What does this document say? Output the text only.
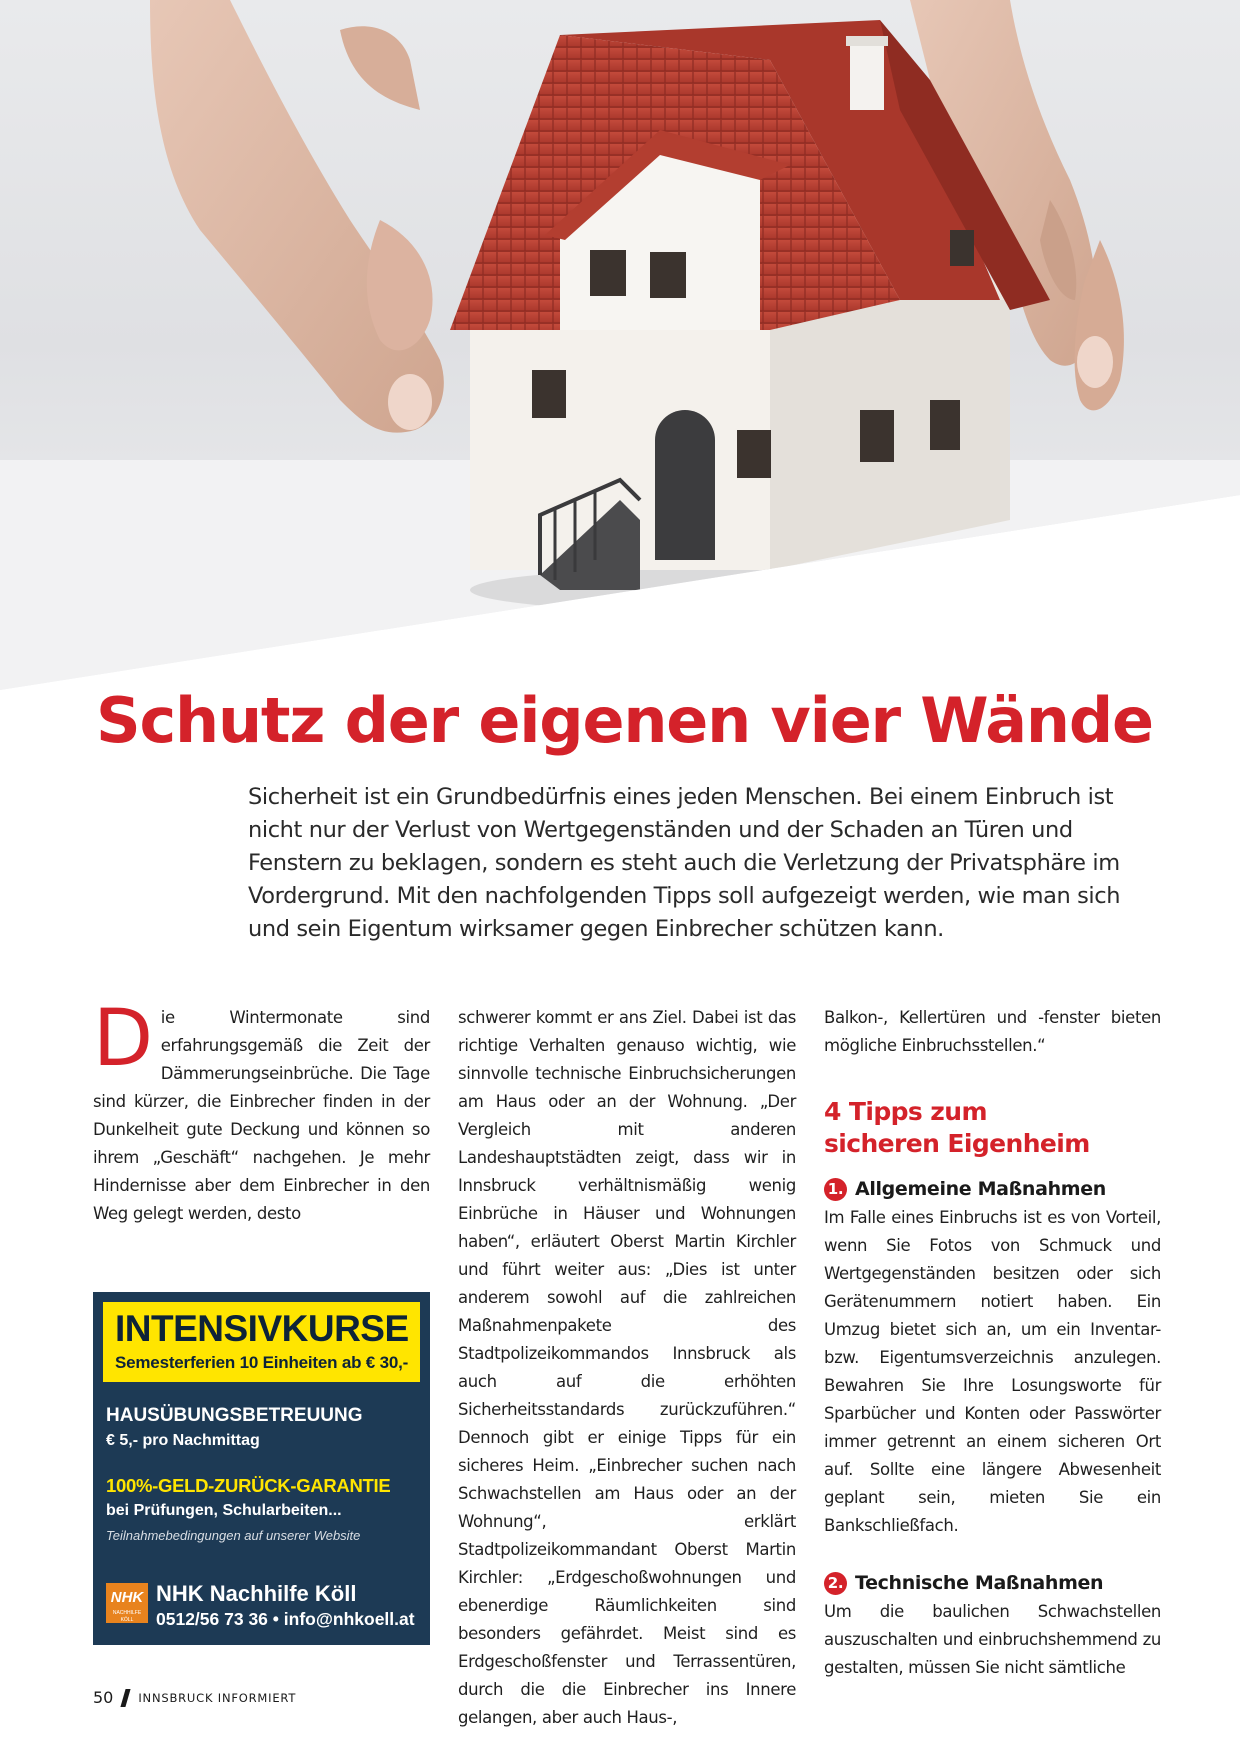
Schutz der eigenen vier Wände

Sicherheit ist ein Grundbedürfnis eines jeden Menschen. Bei einem Einbruch ist nicht nur der Verlust von Wertgegenständen und der Schaden an Türen und Fenstern zu beklagen, sondern es steht auch die Verletzung der Privatsphäre im Vordergrund. Mit den nachfolgenden Tipps soll aufgezeigt werden, wie man sich und sein Eigentum wirksamer gegen Einbrecher schützen kann.

Die Wintermonate sind erfahrungsgemäß die Zeit der Dämmerungseinbrüche. Die Tage sind kürzer, die Einbrecher finden in der Dunkelheit gute Deckung und können so ihrem „Geschäft“ nachgehen. Je mehr Hindernisse aber dem Einbrecher in den Weg gelegt werden, desto

INTENSIVKURSE

Semesterferien 10 Einheiten ab € 30,-

HAUSÜBUNGSBETREUUNG

€ 5,- pro Nachmittag

100%-GELD-ZURÜCK-GARANTIE

bei Prüfungen, Schularbeiten...

Teilnahmebedingungen auf unserer Website

NHK
NACHHILFE KÖLL

NHK Nachhilfe Köll

0512/56 73 36 • info@nhkoell.at

schwerer kommt er ans Ziel. Dabei ist das richtige Verhalten genauso wichtig, wie sinnvolle technische Einbruchsicherungen am Haus oder an der Wohnung. „Der Vergleich mit anderen Landeshauptstädten zeigt, dass wir in Innsbruck verhältnismäßig wenig Einbrüche in Häuser und Wohnungen haben“, erläutert Oberst Martin Kirchler und führt weiter aus: „Dies ist unter anderem sowohl auf die zahlreichen Maßnahmenpakete des Stadtpolizeikommandos Innsbruck als auch auf die erhöhten Sicherheitsstandards zurückzuführen.“ Dennoch gibt er einige Tipps für ein sicheres Heim. „Einbrecher suchen nach Schwachstellen am Haus oder an der Wohnung“, erklärt Stadtpolizeikommandant Oberst Martin Kirchler: „Erdgeschoßwohnungen und ebenerdige Räumlichkeiten sind besonders gefährdet. Meist sind es Erdgeschoßfenster und Terrassentüren, durch die die Einbrecher ins Innere gelangen, aber auch Haus-,

Balkon-, Kellertüren und -fenster bieten mögliche Einbruchsstellen.“

4 Tipps zum
sicheren Eigenheim
1. Allgemeine Maßnahmen

Im Falle eines Einbruchs ist es von Vorteil, wenn Sie Fotos von Schmuck und Wertgegenständen besitzen oder sich Gerätenummern notiert haben. Ein Umzug bietet sich an, um ein Inventar- bzw. Eigentumsverzeichnis anzulegen. Bewahren Sie Ihre Losungsworte für Sparbücher und Konten oder Passwörter immer getrennt an einem sicheren Ort auf. Sollte eine längere Abwesenheit geplant sein, mieten Sie ein Bankschließfach.

2. Technische Maßnahmen

Um die baulichen Schwachstellen auszuschalten und einbruchshemmend zu gestalten, müssen Sie nicht sämtliche

50 INNSBRUCK INFORMIERT
